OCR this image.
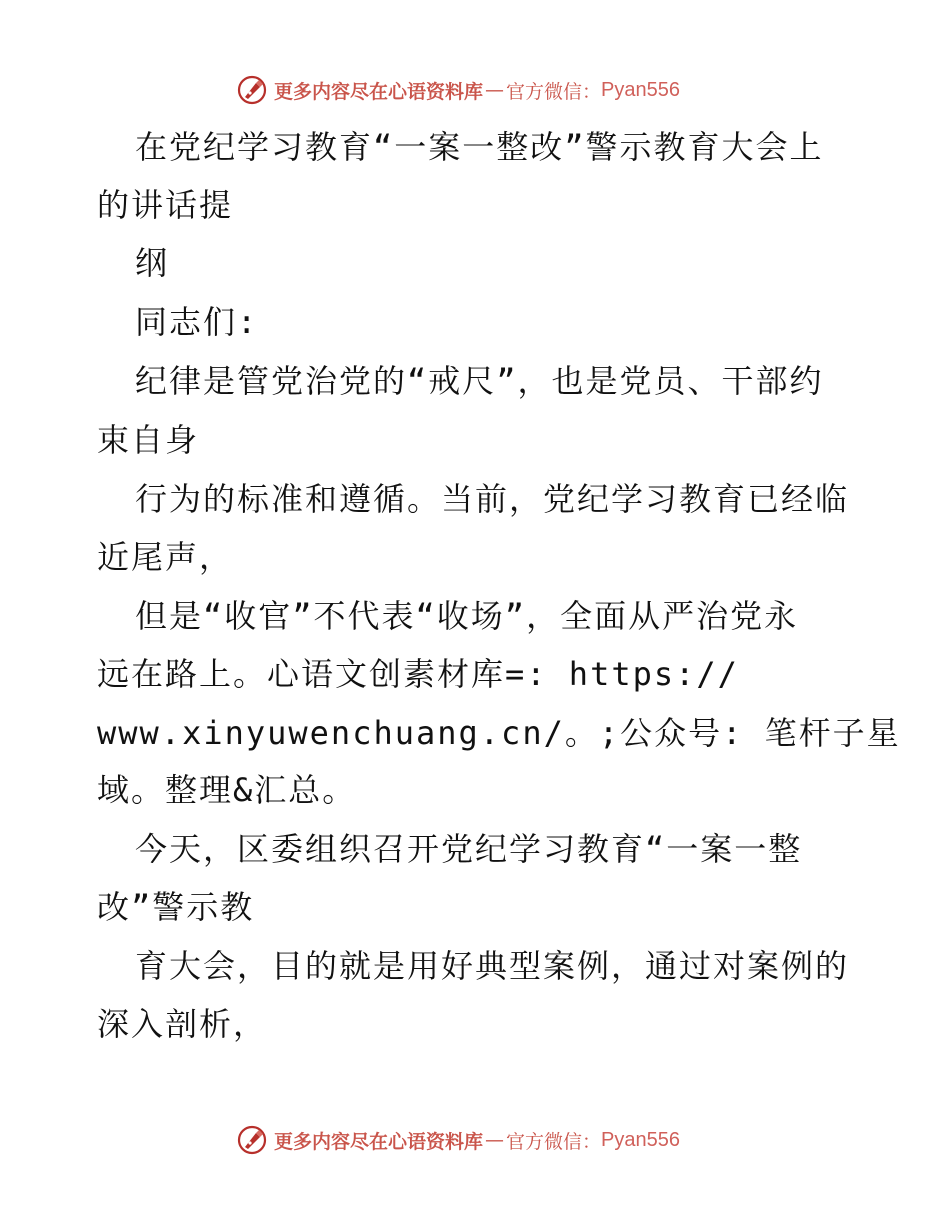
更多内容尽在心语资料库 — 官方微信： Pyan556
在党纪学习教育“一案一整改”警示教育大会上
的讲话提
纲
同志们:
纪律是管党治党的“戒尺”，也是党员、干部约
束自身
行为的标准和遵循。当前，党纪学习教育已经临
近尾声，
但是“收官”不代表“收场”，全面从严治党永
远在路上。心语文创素材库=: https://
www.xinyuwenchuang.cn/。;公众号: 笔杆子星
域。整理&汇总。
今天，区委组织召开党纪学习教育“一案一整
改”警示教
育大会，目的就是用好典型案例，通过对案例的
深入剖析，
更多内容尽在心语资料库 — 官方微信： Pyan556
